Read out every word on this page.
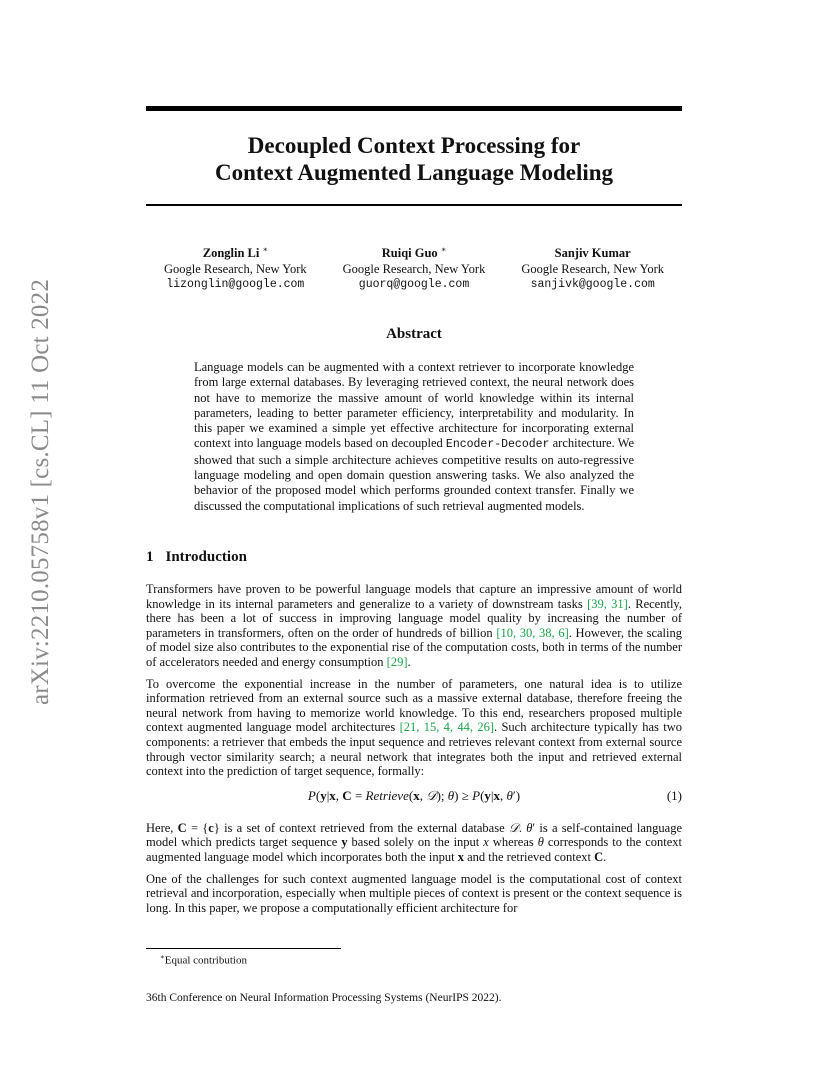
arXiv:2210.05758v1 [cs.CL] 11 Oct 2022
Decoupled Context Processing for
Context Augmented Language Modeling
Zonglin Li ∗
Google Research, New York
lizonglin@google.com
Ruiqi Guo ∗
Google Research, New York
guorq@google.com
Sanjiv Kumar
Google Research, New York
sanjivk@google.com
Abstract

Language models can be augmented with a context retriever to incorporate knowledge from large external databases. By leveraging retrieved context, the neural network does not have to memorize the massive amount of world knowledge within its internal parameters, leading to better parameter efficiency, interpretability and modularity. In this paper we examined a simple yet effective architecture for incorporating external context into language models based on decoupled Encoder-Decoder architecture. We showed that such a simple architecture achieves competitive results on auto-regressive language modeling and open domain question answering tasks. We also analyzed the behavior of the proposed model which performs grounded context transfer. Finally we discussed the computational implications of such retrieval augmented models.

1 Introduction

Transformers have proven to be powerful language models that capture an impressive amount of world knowledge in its internal parameters and generalize to a variety of downstream tasks [39, 31]. Recently, there has been a lot of success in improving language model quality by increasing the number of parameters in transformers, often on the order of hundreds of billion [10, 30, 38, 6]. However, the scaling of model size also contributes to the exponential rise of the computation costs, both in terms of the number of accelerators needed and energy consumption [29].

To overcome the exponential increase in the number of parameters, one natural idea is to utilize information retrieved from an external source such as a massive external database, therefore freeing the neural network from having to memorize world knowledge. To this end, researchers proposed multiple context augmented language model architectures [21, 15, 4, 44, 26]. Such architecture typically has two components: a retriever that embeds the input sequence and retrieves relevant context from external source through vector similarity search; a neural network that integrates both the input and retrieved external context into the prediction of target sequence, formally:

P(y|x, C = Retrieve(x, 𝒟); θ) ≥ P(y|x, θ′)	(1)

Here, C = {c} is a set of context retrieved from the external database 𝒟. θ′ is a self-contained language model which predicts target sequence y based solely on the input x whereas θ corresponds to the context augmented language model which incorporates both the input x and the retrieved context C.

One of the challenges for such context augmented language model is the computational cost of context retrieval and incorporation, especially when multiple pieces of context is present or the context sequence is long. In this paper, we propose a computationally efficient architecture for

∗Equal contribution
36th Conference on Neural Information Processing Systems (NeurIPS 2022).
